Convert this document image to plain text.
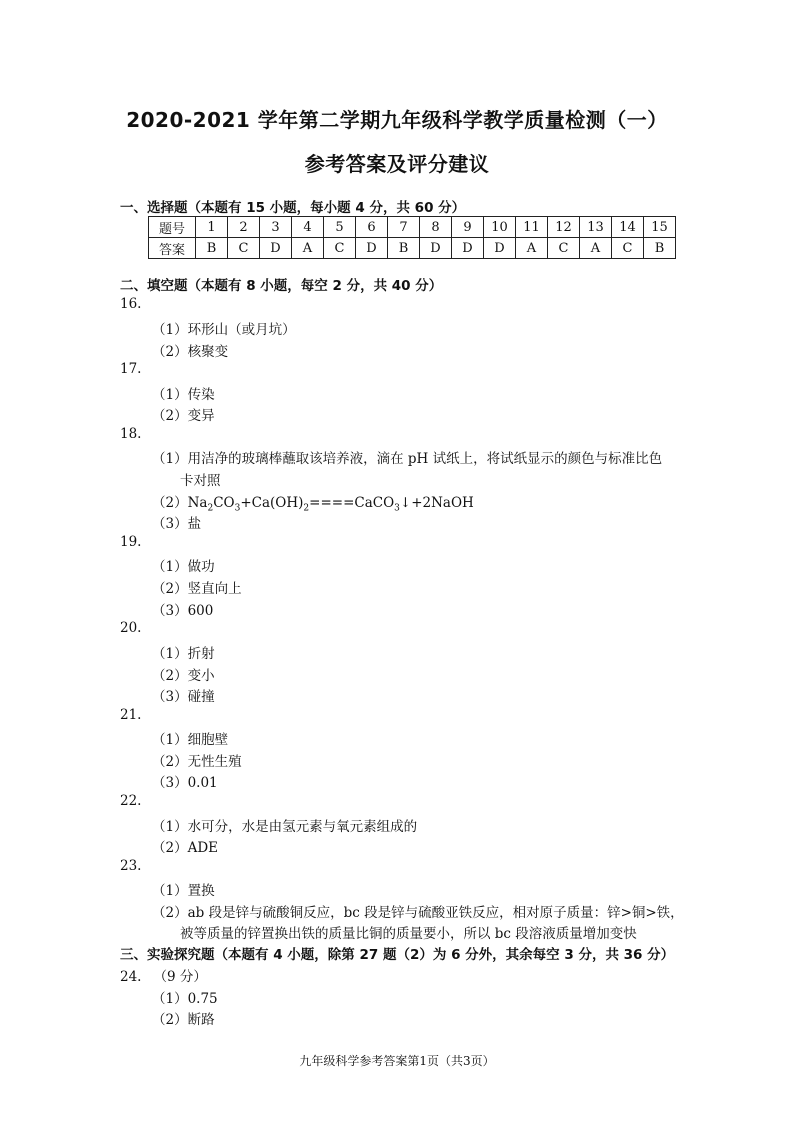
2020-2021 学年第二学期九年级科学教学质量检测（一）
参考答案及评分建议
一、选择题（本题有 15 小题，每小题 4 分，共 60 分）
题号	1	2	3	4	5	6	7	8	9	10	11	12	13	14	15
答案	B	C	D	A	C	D	B	D	D	D	A	C	A	C	B
二、填空题（本题有 8 小题，每空 2 分，共 40 分）
16.
（1）环形山（或月坑）
（2）核聚变
17.
（1）传染
（2）变异
18.
（1）用洁净的玻璃棒蘸取该培养液，滴在 pH 试纸上，将试纸显示的颜色与标准比色
卡对照
$(2)Na_2CO_3+Ca(OH)_2====CaCO_3↓+2NaOH$
（3）盐
19.
（1）做功
（2）竖直向上
（3）600
20.
（1）折射
（2）变小
（3）碰撞
21.
（1）细胞壁
（2）无性生殖
（3）0.01
22.
（1）水可分，水是由氢元素与氧元素组成的
（2）ADE
23.
（1）置换
（2）ab 段是锌与硫酸铜反应，bc 段是锌与硫酸亚铁反应，相对原子质量：锌>铜>铁，
被等质量的锌置换出铁的质量比铜的质量要小，所以 bc 段溶液质量增加变快
三、实验探究题（本题有 4 小题，除第 27 题（2）为 6 分外，其余每空 3 分，共 36 分）
24. （9 分）
（1）0.75
（2）断路
九年级科学参考答案第1页（共3页）
